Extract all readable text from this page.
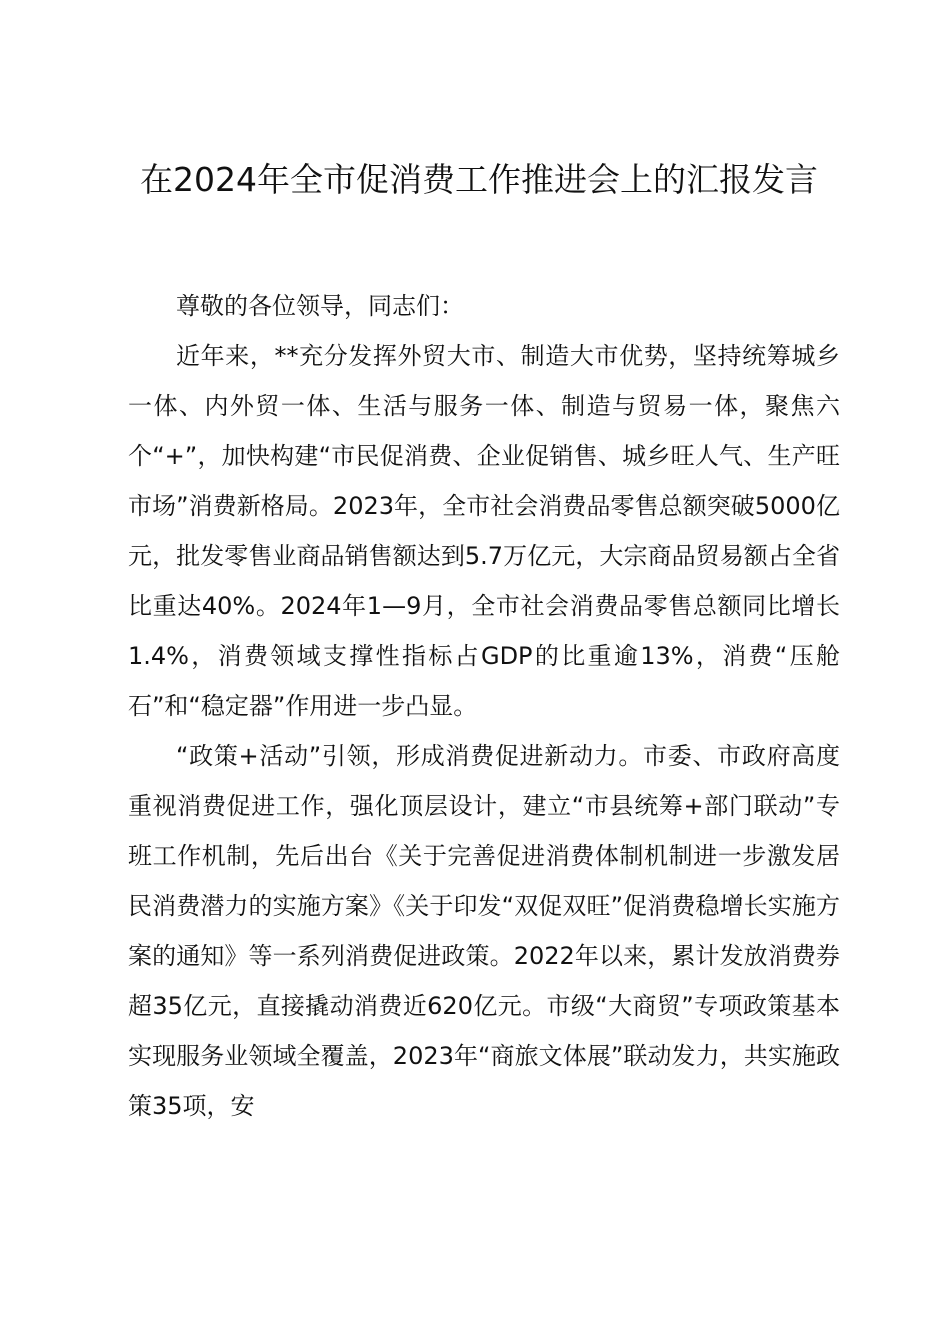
在2024年全市促消费工作推进会上的汇报发言

尊敬的各位领导，同志们：

近年来，**充分发挥外贸大市、制造大市优势，坚持统筹城乡一体、内外贸一体、生活与服务一体、制造与贸易一体，聚焦六个“+”，加快构建“市民促消费、企业促销售、城乡旺人气、生产旺市场”消费新格局。2023年，全市社会消费品零售总额突破5000亿元，批发零售业商品销售额达到5.7万亿元，大宗商品贸易额占全省比重达40%。2024年1—9月，全市社会消费品零售总额同比增长1.4%，消费领域支撑性指标占GDP的比重逾13%，消费“压舱石”和“稳定器”作用进一步凸显。

“政策+活动”引领，形成消费促进新动力。市委、市政府高度重视消费促进工作，强化顶层设计，建立“市县统筹+部门联动”专班工作机制，先后出台《关于完善促进消费体制机制进一步激发居民消费潜力的实施方案》《关于印发“双促双旺”促消费稳增长实施方案的通知》等一系列消费促进政策。2022年以来，累计发放消费券超35亿元，直接撬动消费近620亿元。市级“大商贸”专项政策基本实现服务业领域全覆盖，2023年“商旅文体展”联动发力，共实施政策35项，安
